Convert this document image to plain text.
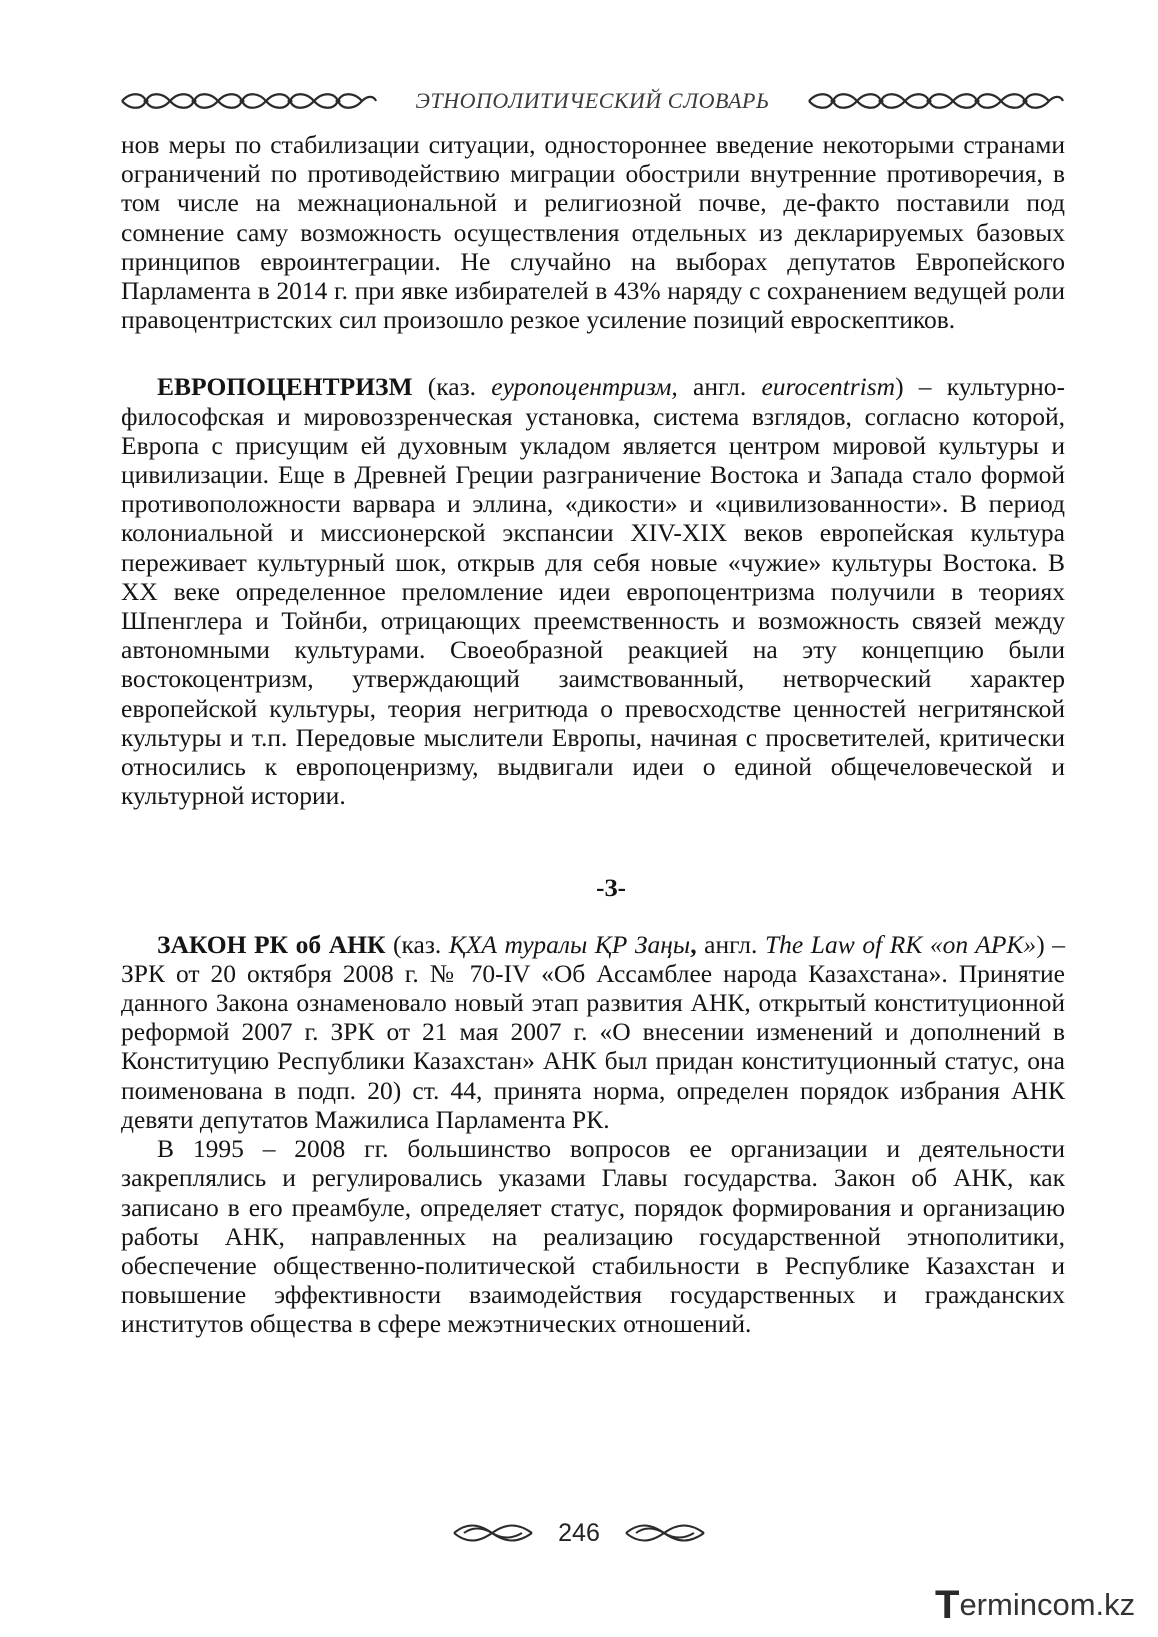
ЭТНОПОЛИТИЧЕСКИЙ СЛОВАРЬ

нов меры по стабилизации ситуации, одностороннее введение некоторыми странами ограничений по противодействию миграции обострили внутренние противоречия, в том числе на межнациональной и религиозной почве, де-факто поставили под сомнение саму возможность осуществления отдельных из декларируемых базовых принципов евроинтеграции. Не случайно на выборах депутатов Европейского Парламента в 2014 г. при явке избирателей в 43% наряду с сохранением ведущей роли правоцентристских сил произошло резкое усиление позиций евроскептиков.

ЕВРОПОЦЕНТРИЗМ (каз. еуропоцентризм, англ. eurocentrism) – культурно-философская и мировоззренческая установка, система взглядов, согласно которой, Европа с присущим ей духовным укладом является центром мировой культуры и цивилизации. Еще в Древней Греции разграничение Востока и Запада стало формой противоположности варвара и эллина, «дикости» и «цивилизованности». В период колониальной и миссионерской экспансии XIV-XIX веков европейская культура переживает культурный шок, открыв для себя новые «чужие» культуры Востока. В XX веке определенное преломление идеи европоцентризма получили в теориях Шпенглера и Тойнби, отрицающих преемственность и возможность связей между автономными культурами. Своеобразной реакцией на эту концепцию были востокоцентризм, утверждающий заимствованный, нетворческий характер европейской культуры, теория негритюда о превосходстве ценностей негритянской культуры и т.п. Передовые мыслители Европы, начиная с просветителей, критически относились к европоценризму, выдвигали идеи о единой общечеловеческой и культурной истории.

-З-

ЗАКОН РК об АНК (каз. ҚХА туралы ҚР Заңы, англ. The Law of RK «on APK») – ЗРК от 20 октября 2008 г. № 70-IV «Об Ассамблее народа Казахстана». Принятие данного Закона ознаменовало новый этап развития АНК, открытый конституционной реформой 2007 г. ЗРК от 21 мая 2007 г. «О внесении изменений и дополнений в Конституцию Республики Казахстан» АНК был придан конституционный статус, она поименована в подп. 20) ст. 44, принята норма, определен порядок избрания АНК девяти депутатов Мажилиса Парламента РК.

В 1995 – 2008 гг. большинство вопросов ее организации и деятельности закреплялись и регулировались указами Главы государства. Закон об АНК, как записано в его преамбуле, определяет статус, порядок формирования и организацию работы АНК, направленных на реализацию государственной этнополитики, обеспечение общественно-политической стабильности в Республике Казахстан и повышение эффективности взаимодействия государственных и гражданских институтов общества в сфере межэтнических отношений.

246
T ermincom.kz
